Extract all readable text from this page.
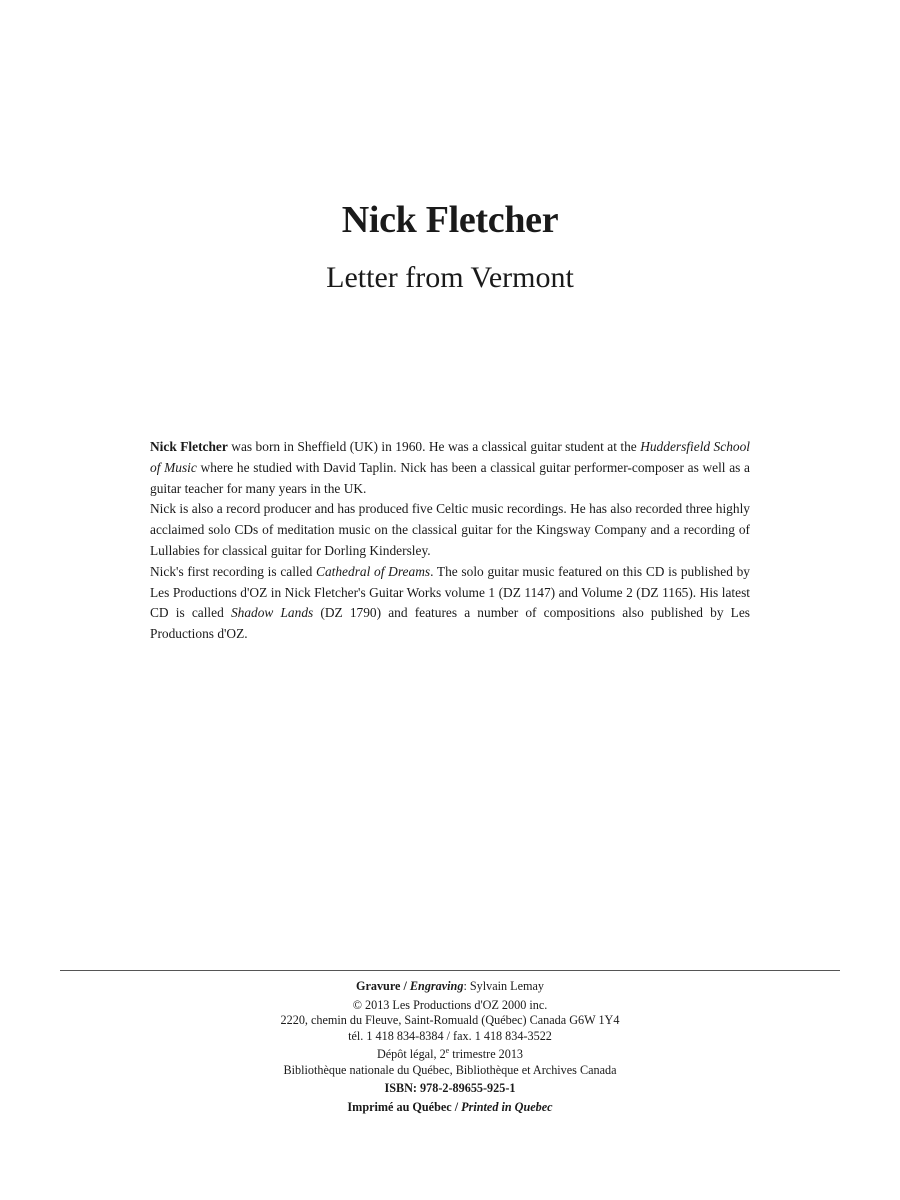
Nick Fletcher
Letter from Vermont

Nick Fletcher was born in Sheffield (UK) in 1960. He was a classical guitar student at the Huddersfield School of Music where he studied with David Taplin. Nick has been a classical guitar performer-composer as well as a guitar teacher for many years in the UK.

Nick is also a record producer and has produced five Celtic music recordings. He has also recorded three highly acclaimed solo CDs of meditation music on the classical guitar for the Kingsway Company and a recording of Lullabies for classical guitar for Dorling Kindersley.

Nick's first recording is called Cathedral of Dreams. The solo guitar music featured on this CD is published by Les Productions d'OZ in Nick Fletcher's Guitar Works volume 1 (DZ 1147) and Volume 2 (DZ 1165). His latest CD is called Shadow Lands (DZ 1790) and features a number of compositions also published by Les Productions d'OZ.

Gravure / Engraving: Sylvain Lemay
© 2013 Les Productions d'OZ 2000 inc.
2220, chemin du Fleuve, Saint-Romuald (Québec) Canada G6W 1Y4
tél. 1 418 834-8384 / fax. 1 418 834-3522
Dépôt légal, 2e trimestre 2013
Bibliothèque nationale du Québec, Bibliothèque et Archives Canada
ISBN: 978-2-89655-925-1
Imprimé au Québec / Printed in Quebec
